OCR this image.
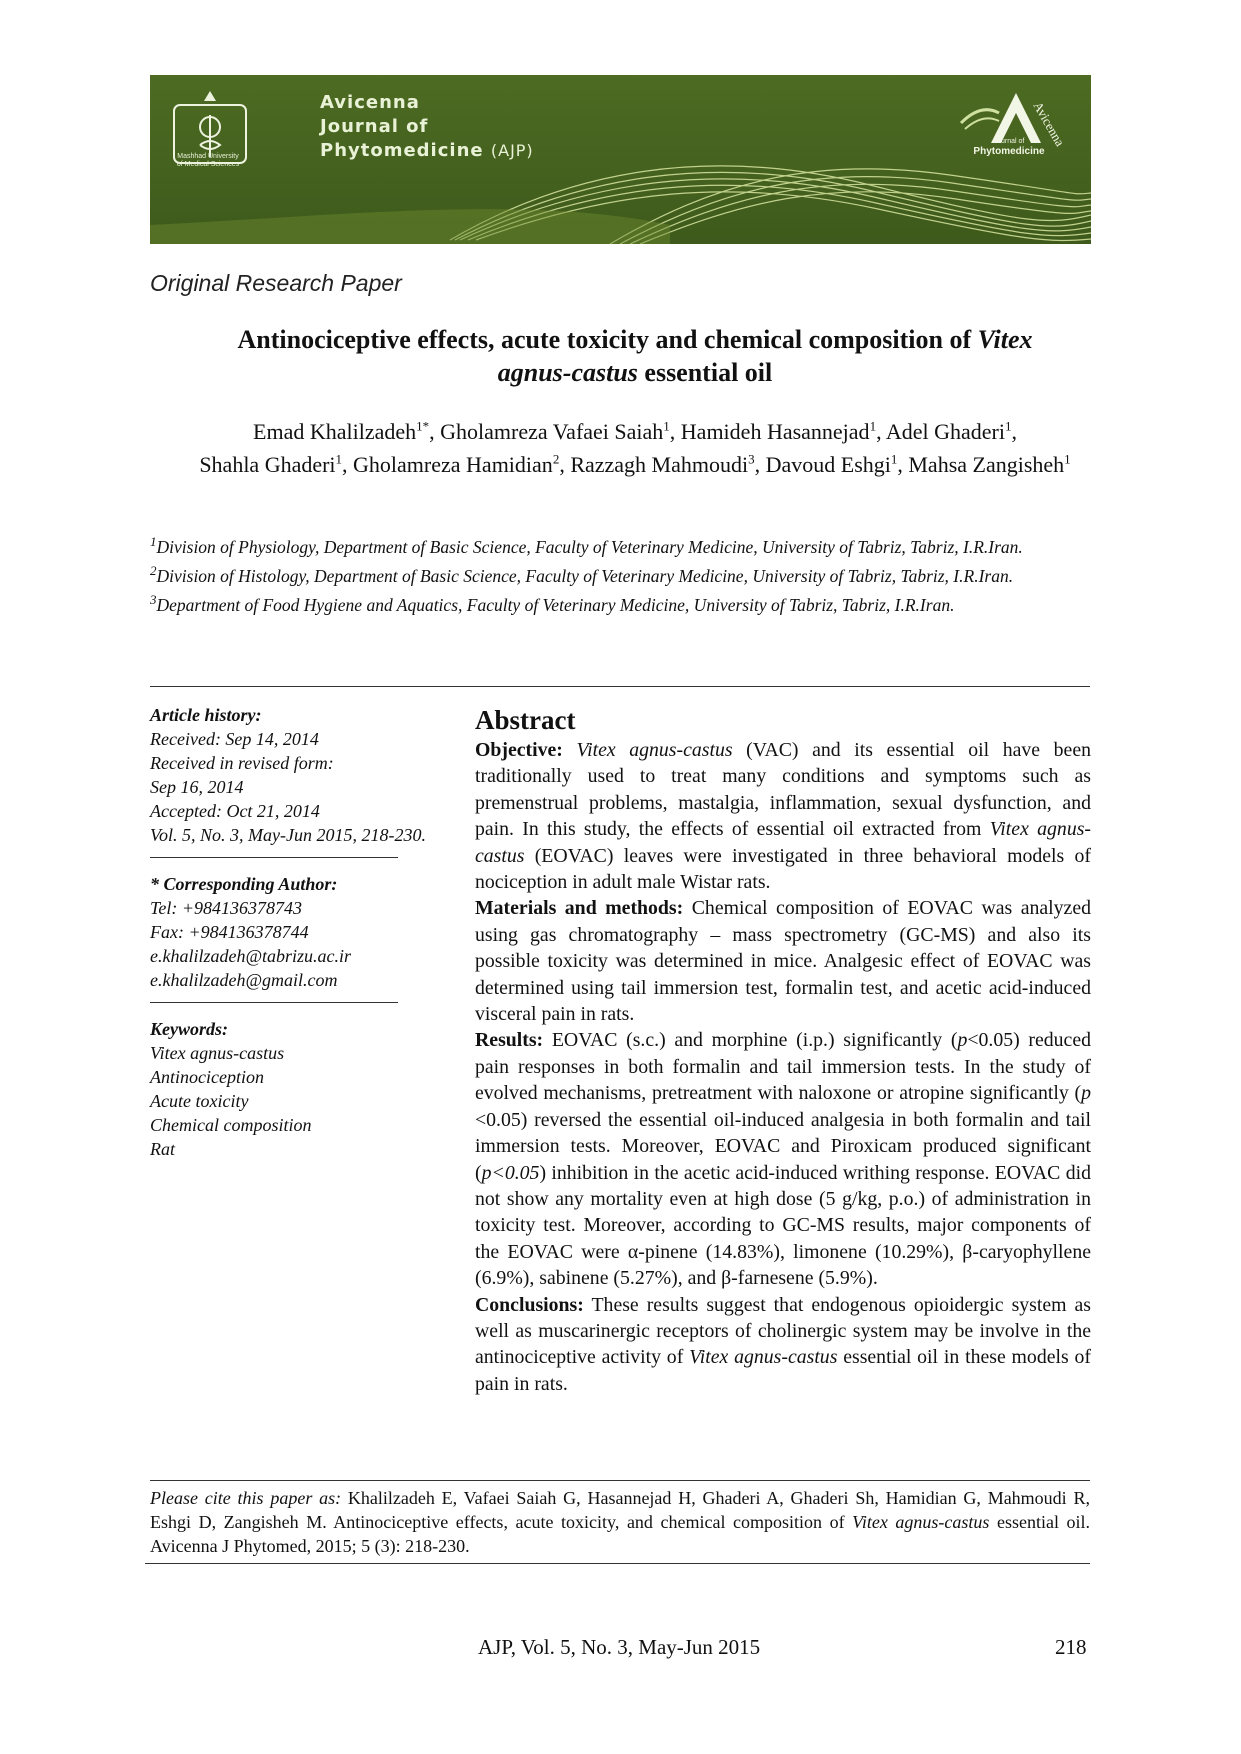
Mashhad University
of Medical Sciences
Avicenna
Journal of
Phytomedicine (AJP)
Avicenna
Journal of
Phytomedicine
Original Research Paper
Antinociceptive effects, acute toxicity and chemical composition of Vitex
agnus-castus essential oil
Emad Khalilzadeh$^{1*}$, Gholamreza Vafaei Saiah$^1$, Hamideh Hasannejad$^1$, Adel Ghaderi$^1$,
Shahla Ghaderi$^1$, Gholamreza Hamidian$^2$, Razzagh Mahmoudi$^3$, Davoud Eshgi$^1$, Mahsa Zangisheh$^1$
$^1$Division of Physiology, Department of Basic Science, Faculty of Veterinary Medicine, University of Tabriz, Tabriz, I.R.Iran.
$^2$Division of Histology, Department of Basic Science, Faculty of Veterinary Medicine, University of Tabriz, Tabriz, I.R.Iran.
$^3$Department of Food Hygiene and Aquatics, Faculty of Veterinary Medicine, University of Tabriz, Tabriz, I.R.Iran.
Article history:
Received: Sep 14, 2014
Received in revised form:
Sep 16, 2014
Accepted: Oct 21, 2014
Vol. 5, No. 3, May-Jun 2015, 218-230.
* Corresponding Author:
Tel: +984136378743
Fax: +984136378744
e.khalilzadeh@tabrizu.ac.ir
e.khalilzadeh@gmail.com
Keywords:
Vitex agnus-castus
Antinociception
Acute toxicity
Chemical composition
Rat
Abstract

Objective: Vitex agnus-castus (VAC) and its essential oil have been traditionally used to treat many conditions and symptoms such as premenstrual problems, mastalgia, inflammation, sexual dysfunction, and pain. In this study, the effects of essential oil extracted from Vitex agnus-castus (EOVAC) leaves were investigated in three behavioral models of nociception in adult male Wistar rats.

Materials and methods: Chemical composition of EOVAC was analyzed using gas chromatography – mass spectrometry (GC-MS) and also its possible toxicity was determined in mice. Analgesic effect of EOVAC was determined using tail immersion test, formalin test, and acetic acid-induced visceral pain in rats.

Results: EOVAC (s.c.) and morphine (i.p.) significantly (p<0.05) reduced pain responses in both formalin and tail immersion tests. In the study of evolved mechanisms, pretreatment with naloxone or atropine significantly (p <0.05) reversed the essential oil-induced analgesia in both formalin and tail immersion tests. Moreover, EOVAC and Piroxicam produced significant (p<0.05) inhibition in the acetic acid-induced writhing response. EOVAC did not show any mortality even at high dose (5 g/kg, p.o.) of administration in toxicity test. Moreover, according to GC-MS results, major components of the EOVAC were α-pinene (14.83%), limonene (10.29%), β-caryophyllene (6.9%), sabinene (5.27%), and β-farnesene (5.9%).

Conclusions: These results suggest that endogenous opioidergic system as well as muscarinergic receptors of cholinergic system may be involve in the antinociceptive activity of Vitex agnus-castus essential oil in these models of pain in rats.

Please cite this paper as: Khalilzadeh E, Vafaei Saiah G, Hasannejad H, Ghaderi A, Ghaderi Sh, Hamidian G, Mahmoudi R, Eshgi D, Zangisheh M. Antinociceptive effects, acute toxicity, and chemical composition of Vitex agnus-castus essential oil. Avicenna J Phytomed, 2015; 5 (3): 218-230.
AJP, Vol. 5, No. 3, May-Jun 2015	218
